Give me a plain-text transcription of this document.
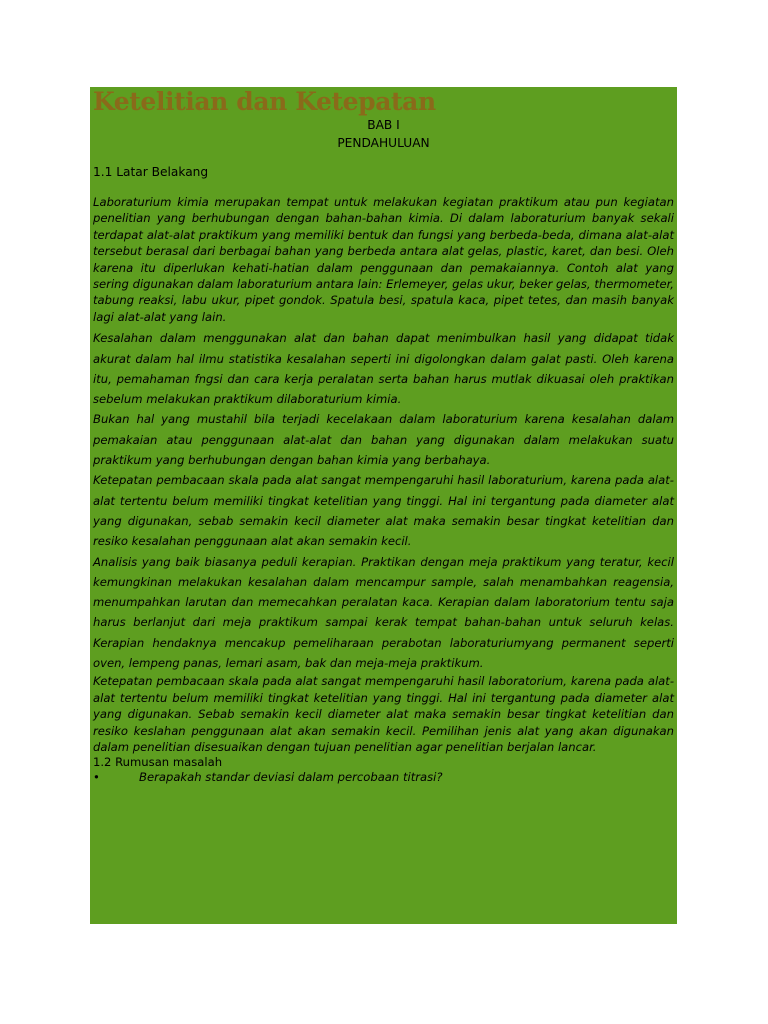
Ketelitian dan Ketepatan
BAB I
PENDAHULUAN
1.1 Latar Belakang

Laboraturium kimia merupakan tempat untuk melakukan kegiatan praktikum atau pun kegiatan penelitian yang berhubungan dengan bahan-bahan kimia. Di dalam laboraturium banyak sekali terdapat alat-alat praktikum yang memiliki bentuk dan fungsi yang berbeda-beda, dimana alat-alat tersebut berasal dari berbagai bahan yang berbeda antara alat gelas, plastic, karet, dan besi. Oleh karena itu diperlukan kehati-hatian dalam penggunaan dan pemakaiannya. Contoh alat yang sering digunakan dalam laboraturium antara lain: Erlemeyer, gelas ukur, beker gelas, thermometer, tabung reaksi, labu ukur, pipet gondok. Spatula besi, spatula kaca, pipet tetes, dan masih banyak lagi alat-alat yang lain.

Kesalahan dalam menggunakan alat dan bahan dapat menimbulkan hasil yang didapat tidak akurat dalam hal ilmu statistika kesalahan seperti ini digolongkan dalam galat pasti. Oleh karena itu, pemahaman fngsi dan cara kerja peralatan serta bahan harus mutlak dikuasai oleh praktikan sebelum melakukan praktikum dilaboraturium kimia.

Bukan hal yang mustahil bila terjadi kecelakaan dalam laboraturium karena kesalahan dalam pemakaian atau penggunaan alat-alat dan bahan yang digunakan dalam melakukan suatu praktikum yang berhubungan dengan bahan kimia yang berbahaya.

Ketepatan pembacaan skala pada alat sangat mempengaruhi hasil laboraturium, karena pada alat-alat tertentu belum memiliki tingkat ketelitian yang tinggi. Hal ini tergantung pada diameter alat yang digunakan, sebab semakin kecil diameter alat maka semakin besar tingkat ketelitian dan resiko kesalahan penggunaan alat akan semakin kecil.

Analisis yang baik biasanya peduli kerapian. Praktikan dengan meja praktikum yang teratur, kecil kemungkinan melakukan kesalahan dalam mencampur sample, salah menambahkan reagensia, menumpahkan larutan dan memecahkan peralatan kaca. Kerapian dalam laboratorium tentu saja harus berlanjut dari meja praktikum sampai kerak tempat bahan-bahan untuk seluruh kelas. Kerapian hendaknya mencakup pemeliharaan perabotan laboraturiumyang permanent seperti oven, lempeng panas, lemari asam, bak dan meja-meja praktikum.

Ketepatan pembacaan skala pada alat sangat mempengaruhi hasil laboratorium, karena pada alat-alat tertentu belum memiliki tingkat ketelitian yang tinggi. Hal ini tergantung pada diameter alat yang digunakan. Sebab semakin kecil diameter alat maka semakin besar tingkat ketelitian dan resiko keslahan penggunaan alat akan semakin kecil. Pemilihan jenis alat yang akan digunakan dalam penelitian disesuaikan dengan tujuan penelitian agar penelitian berjalan lancar.

1.2 Rumusan masalah
•	Berapakah standar deviasi dalam percobaan titrasi?
